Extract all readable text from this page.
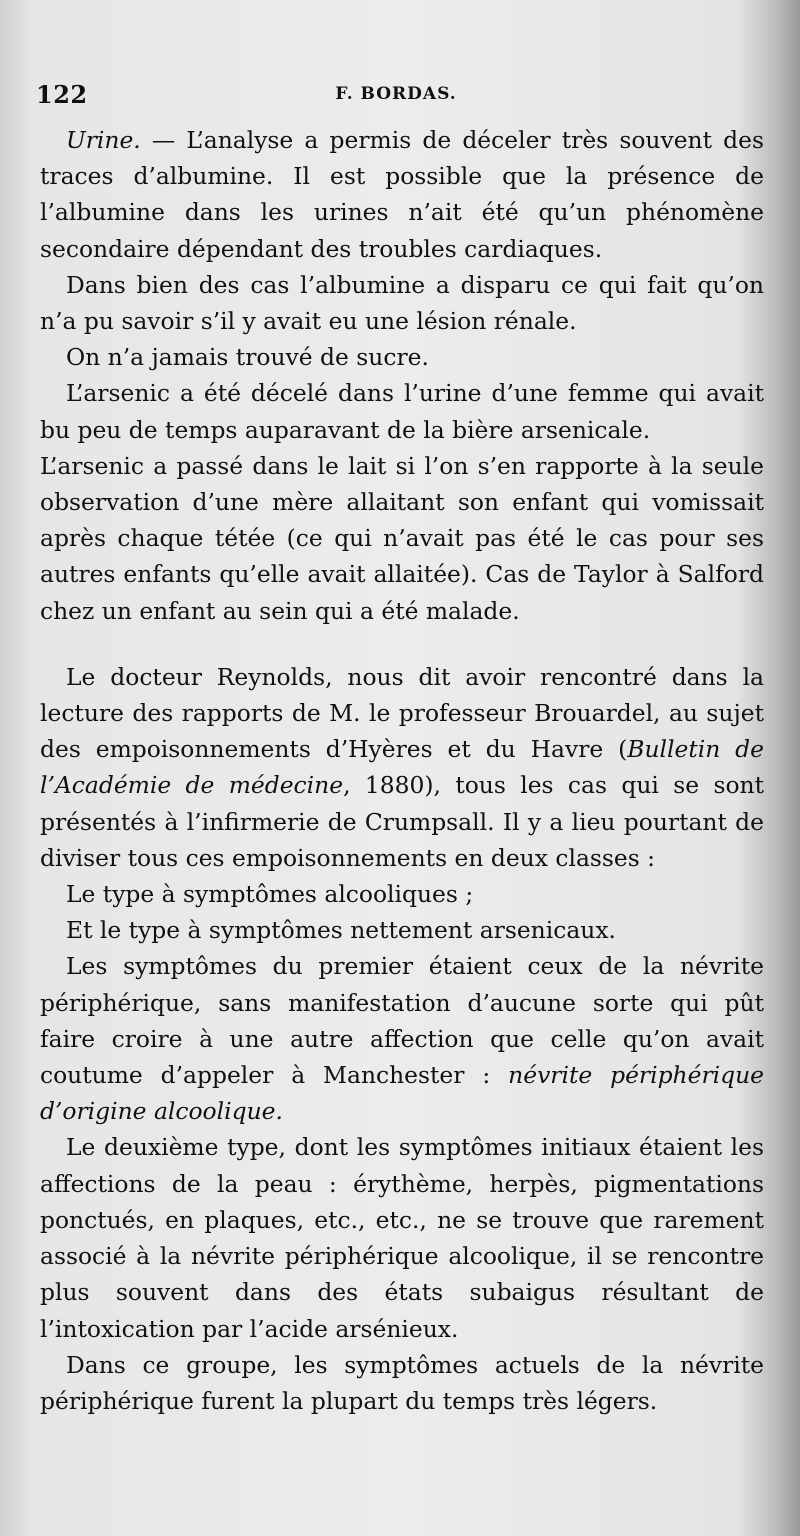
122	F. BORDAS.

Urine. — L’analyse a permis de déceler très souvent des traces d’albumine. Il est possible que la présence de l’albumine dans les urines n’ait été qu’un phénomène secondaire dépendant des troubles cardiaques.

Dans bien des cas l’albumine a disparu ce qui fait qu’on n’a pu savoir s’il y avait eu une lésion rénale.

On n’a jamais trouvé de sucre.

L’arsenic a été décelé dans l’urine d’une femme qui avait bu peu de temps auparavant de la bière arsenicale.

L’arsenic a passé dans le lait si l’on s’en rapporte à la seule observation d’une mère allaitant son enfant qui vomissait après chaque tétée (ce qui n’avait pas été le cas pour ses autres enfants qu’elle avait allaitée). Cas de Taylor à Salford chez un enfant au sein qui a été malade.

Le docteur Reynolds, nous dit avoir rencontré dans la lecture des rapports de M. le professeur Brouardel, au sujet des empoisonnements d’Hyères et du Havre (Bulletin de l’Académie de médecine, 1880), tous les cas qui se sont présentés à l’infirmerie de Crumpsall. Il y a lieu pourtant de diviser tous ces empoisonnements en deux classes :

Le type à symptômes alcooliques ;

Et le type à symptômes nettement arsenicaux.

Les symptômes du premier étaient ceux de la névrite périphérique, sans manifestation d’aucune sorte qui pût faire croire à une autre affection que celle qu’on avait coutume d’appeler à Manchester : névrite périphérique d’origine alcoolique.

Le deuxième type, dont les symptômes initiaux étaient les affections de la peau : érythème, herpès, pigmentations ponctués, en plaques, etc., etc., ne se trouve que rarement associé à la névrite périphérique alcoolique, il se rencontre plus souvent dans des états subaigus résultant de l’intoxication par l’acide arsénieux.

Dans ce groupe, les symptômes actuels de la névrite périphérique furent la plupart du temps très légers.
